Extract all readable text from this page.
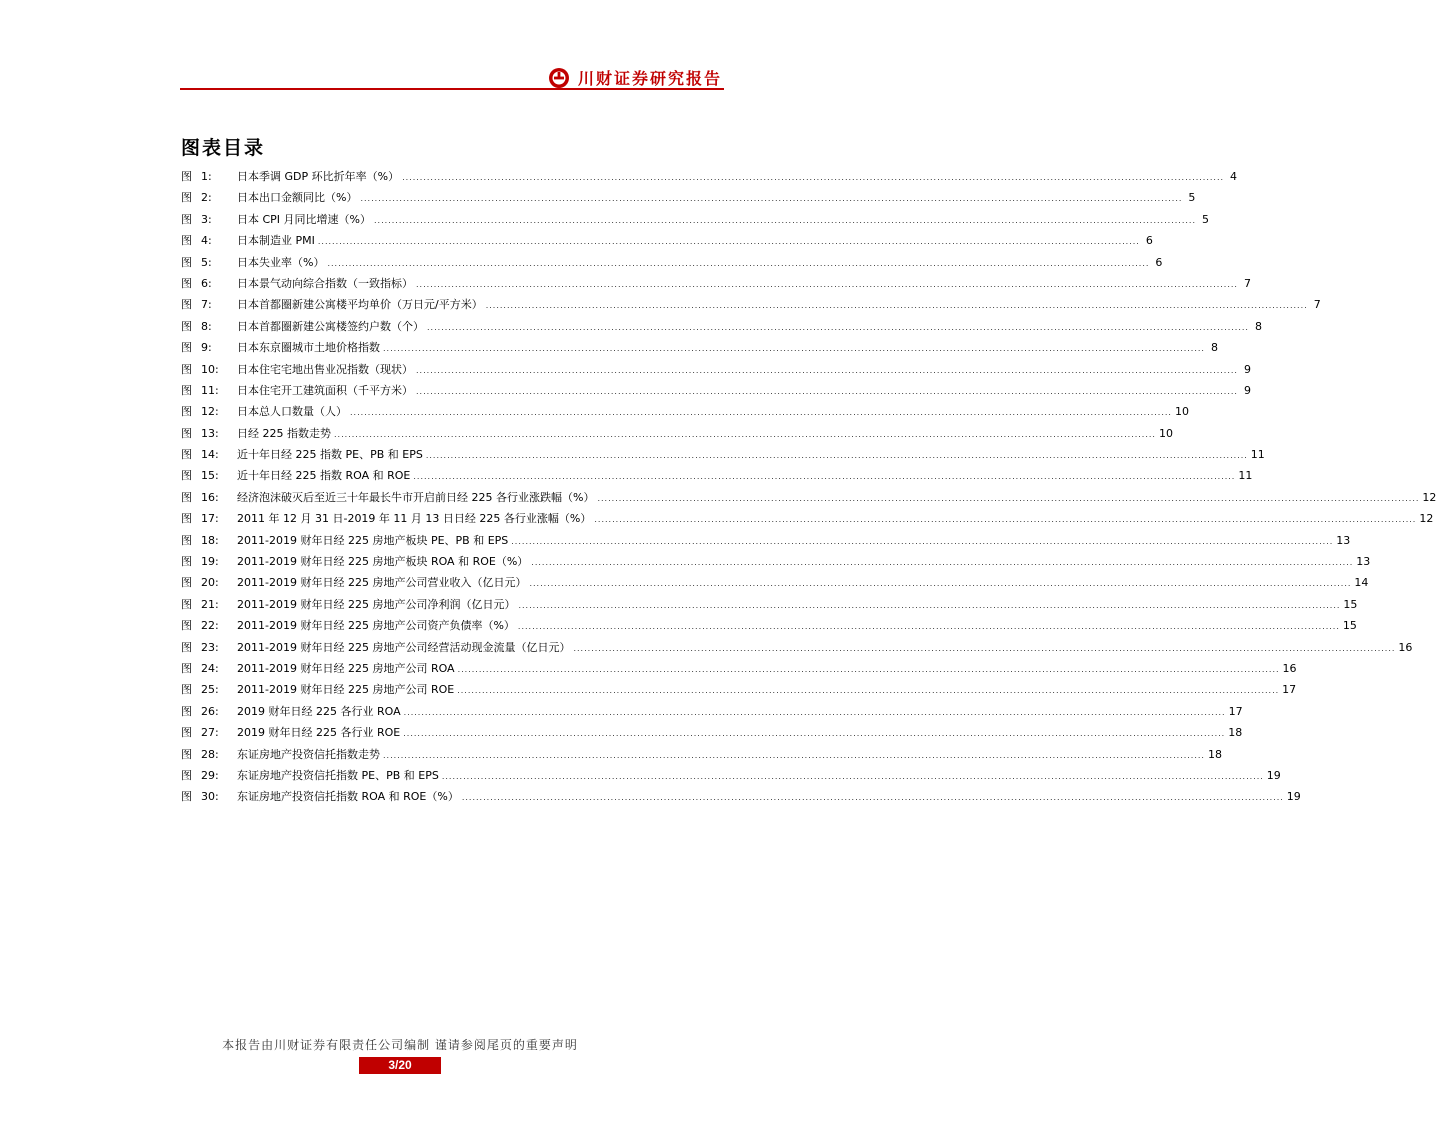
川财证券研究报告
图表目录
图 1:	日本季调 GDP 环比折年率（%） ........................................................................................................................................................................................................................................ 4
图 2:	日本出口金额同比（%） ........................................................................................................................................................................................................................................ 5
图 3:	日本 CPI 月同比增速（%） ........................................................................................................................................................................................................................................ 5
图 4:	日本制造业 PMI ........................................................................................................................................................................................................................................ 6
图 5:	日本失业率（%） ........................................................................................................................................................................................................................................ 6
图 6:	日本景气动向综合指数（一致指标） ........................................................................................................................................................................................................................................ 7
图 7:	日本首都圈新建公寓楼平均单价（万日元/平方米） ........................................................................................................................................................................................................................................ 7
图 8:	日本首都圈新建公寓楼签约户数（个） ........................................................................................................................................................................................................................................ 8
图 9:	日本东京圈城市土地价格指数 ........................................................................................................................................................................................................................................ 8
图 10:	日本住宅宅地出售业况指数（现状） ........................................................................................................................................................................................................................................ 9
图 11:	日本住宅开工建筑面积（千平方米） ........................................................................................................................................................................................................................................ 9
图 12:	日本总人口数量（人） ........................................................................................................................................................................................................................................ 10
图 13:	日经 225 指数走势 ........................................................................................................................................................................................................................................ 10
图 14:	近十年日经 225 指数 PE、PB 和 EPS ........................................................................................................................................................................................................................................ 11
图 15:	近十年日经 225 指数 ROA 和 ROE ........................................................................................................................................................................................................................................ 11
图 16:	经济泡沫破灭后至近三十年最长牛市开启前日经 225 各行业涨跌幅（%） ........................................................................................................................................................................................................................................ 12
图 17:	2011 年 12 月 31 日-2019 年 11 月 13 日日经 225 各行业涨幅（%） ........................................................................................................................................................................................................................................ 12
图 18:	2011-2019 财年日经 225 房地产板块 PE、PB 和 EPS ........................................................................................................................................................................................................................................ 13
图 19:	2011-2019 财年日经 225 房地产板块 ROA 和 ROE（%） ........................................................................................................................................................................................................................................ 13
图 20:	2011-2019 财年日经 225 房地产公司营业收入（亿日元） ........................................................................................................................................................................................................................................ 14
图 21:	2011-2019 财年日经 225 房地产公司净利润（亿日元） ........................................................................................................................................................................................................................................ 15
图 22:	2011-2019 财年日经 225 房地产公司资产负债率（%） ........................................................................................................................................................................................................................................ 15
图 23:	2011-2019 财年日经 225 房地产公司经营活动现金流量（亿日元） ........................................................................................................................................................................................................................................ 16
图 24:	2011-2019 财年日经 225 房地产公司 ROA ........................................................................................................................................................................................................................................ 16
图 25:	2011-2019 财年日经 225 房地产公司 ROE ........................................................................................................................................................................................................................................ 17
图 26:	2019 财年日经 225 各行业 ROA ........................................................................................................................................................................................................................................ 17
图 27:	2019 财年日经 225 各行业 ROE ........................................................................................................................................................................................................................................ 18
图 28:	东证房地产投资信托指数走势 ........................................................................................................................................................................................................................................ 18
图 29:	东证房地产投资信托指数 PE、PB 和 EPS ........................................................................................................................................................................................................................................ 19
图 30:	东证房地产投资信托指数 ROA 和 ROE（%） ........................................................................................................................................................................................................................................ 19
本报告由川财证券有限责任公司编制 谨请参阅尾页的重要声明
3/20
